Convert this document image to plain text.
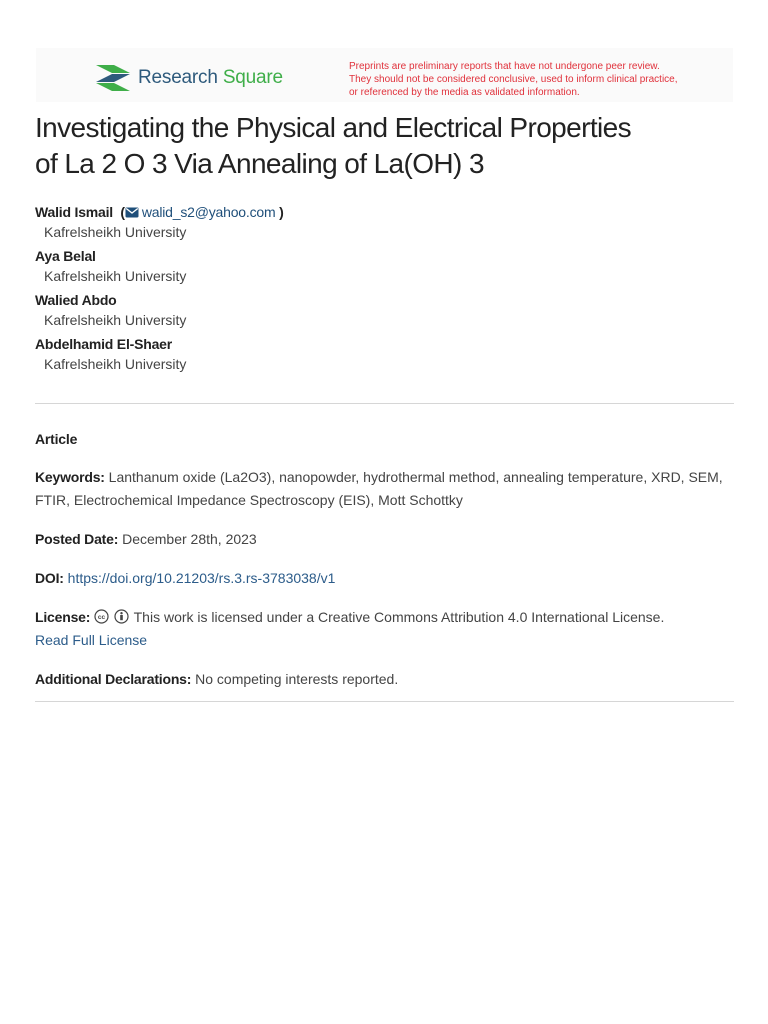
Research Square
Preprints are preliminary reports that have not undergone peer review.
They should not be considered conclusive, used to inform clinical practice,
or referenced by the media as validated information.
Investigating the Physical and Electrical Properties
of La 2 O 3 Via Annealing of La(OH) 3
Walid Ismail ( walid_s2@yahoo.com )
Kafrelsheikh University
Aya Belal
Kafrelsheikh University
Walied Abdo
Kafrelsheikh University
Abdelhamid El-Shaer
Kafrelsheikh University
Article
Keywords: Lanthanum oxide (La2O3), nanopowder, hydrothermal method, annealing temperature, XRD, SEM, FTIR, Electrochemical Impedance Spectroscopy (EIS), Mott Schottky
Posted Date: December 28th, 2023
DOI: https://doi.org/10.21203/rs.3.rs-3783038/v1
License: cc This work is licensed under a Creative Commons Attribution 4.0 International License.
Read Full License
Additional Declarations: No competing interests reported.
